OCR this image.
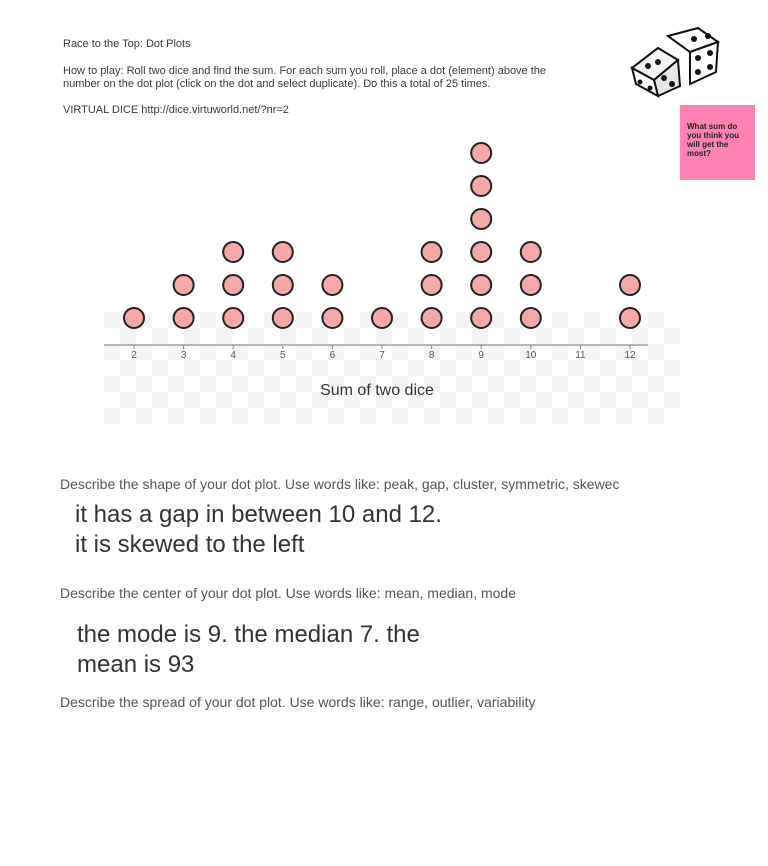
Race to the Top: Dot Plots
How to play: Roll two dice and find the sum. For each sum you roll, place a dot (element) above the
number on the dot plot (click on the dot and select duplicate). Do this a total of 25 times.
VIRTUAL DICE http://dice.virtuworld.net/?nr=2
What sum do you think you will get the most?
2	3	4	5	6	7	8	9	10	11	12
Sum of two dice
Describe the shape of your dot plot. Use words like: peak, gap, cluster, symmetric, skewec
it has a gap in between 10 and 12.
it is skewed to the left
Describe the center of your dot plot. Use words like: mean, median, mode
the mode is 9. the median 7. the
mean is 93
Describe the spread of your dot plot. Use words like: range, outlier, variability
